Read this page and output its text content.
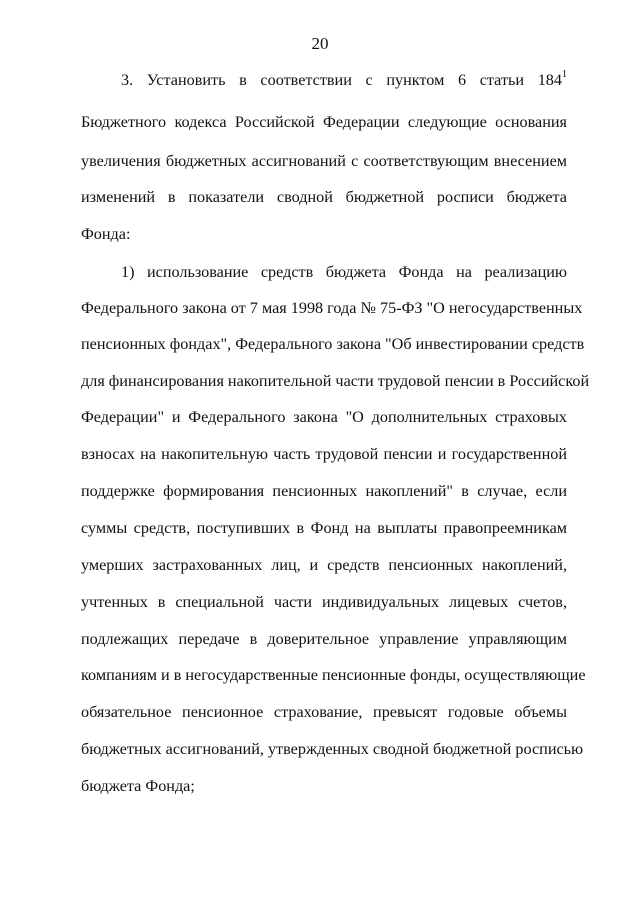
20
3. Установить в соответствии с пунктом 6 статьи $184^1$
Бюджетного кодекса Российской Федерации следующие основания
увеличения бюджетных ассигнований с соответствующим внесением
изменений в показатели сводной бюджетной росписи бюджета
Фонда:
1) использование средств бюджета Фонда на реализацию
Федерального закона от 7 мая 1998 года № 75-ФЗ "О негосударственных
пенсионных фондах", Федерального закона "Об инвестировании средств
для финансирования накопительной части трудовой пенсии в Российской
Федерации" и Федерального закона "О дополнительных страховых
взносах на накопительную часть трудовой пенсии и государственной
поддержке формирования пенсионных накоплений" в случае, если
суммы средств, поступивших в Фонд на выплаты правопреемникам
умерших застрахованных лиц, и средств пенсионных накоплений,
учтенных в специальной части индивидуальных лицевых счетов,
подлежащих передаче в доверительное управление управляющим
компаниям и в негосударственные пенсионные фонды, осуществляющие
обязательное пенсионное страхование, превысят годовые объемы
бюджетных ассигнований, утвержденных сводной бюджетной росписью
бюджета Фонда;
